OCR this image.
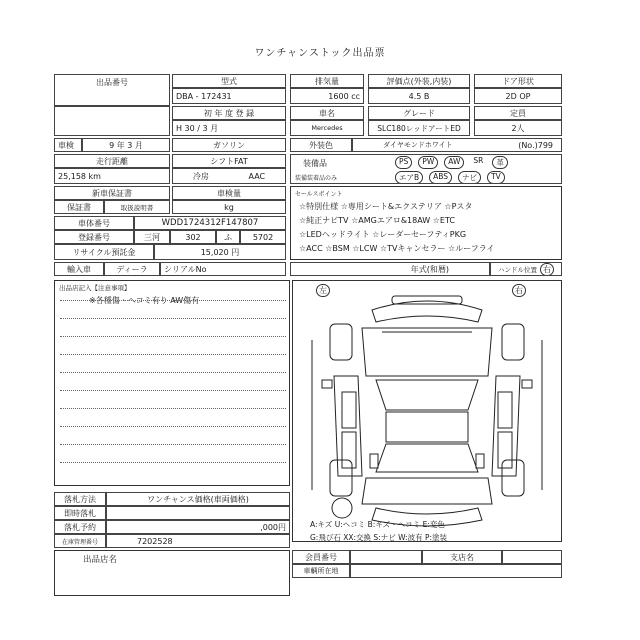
ワンチャンストック出品票
出品番号	型式
DBA - 172431
排気量
1600 cc
評価点(外装,内装)
4.5 B
ドア形状
2D OP
初 年 度 登 録
H 30 / 3 月
車名
Mercedes
グレード
SLC180レッドアートED
定員
2人
車検	9 年 3 月	ガソリン	外装色	ダイヤモンドホワイト	(No.)799
走行距離
25,158 km
シフトFAT
冷房	AAC
装備品
装備装着品のみ
PS	PW	AW	SR	革
エアB	ABS	ナビ	TV
新車保証書
保証書	取扱説明書
車検量
kg
セールスポイント
☆特別仕様 ☆専用シート&エクステリア ☆Pスタ
☆純正ナビTV ☆AMGエアロ&18AW ☆ETC
☆LEDヘッドライト ☆レーダーセーフティPKG
☆ACC ☆BSM ☆LCW ☆TVキャンセラー ☆ルーフライ
車体番号	WDD1724312F147807
登録番号	三河	302	ふ	5702
リサイクル預託金	15,020 円
輸入車	ディーラ	シリアルNo	年式(和暦)	ハンドル位置 右
出品店記入【注意事項】
※各種傷・ヘコミ有り AW傷有
左	右
A:キズ U:ヘコミ B:キズ・ヘコミ E:変色
G:飛び石 XX:交換 S:ナビ W:波有 P:塗装
落札方法	ワンチャンス価格(車両価格)
即時落札
落札予約	,000円
在庫管理番号	7202528
出品店名	会員番号	支店名
車輌所在地
